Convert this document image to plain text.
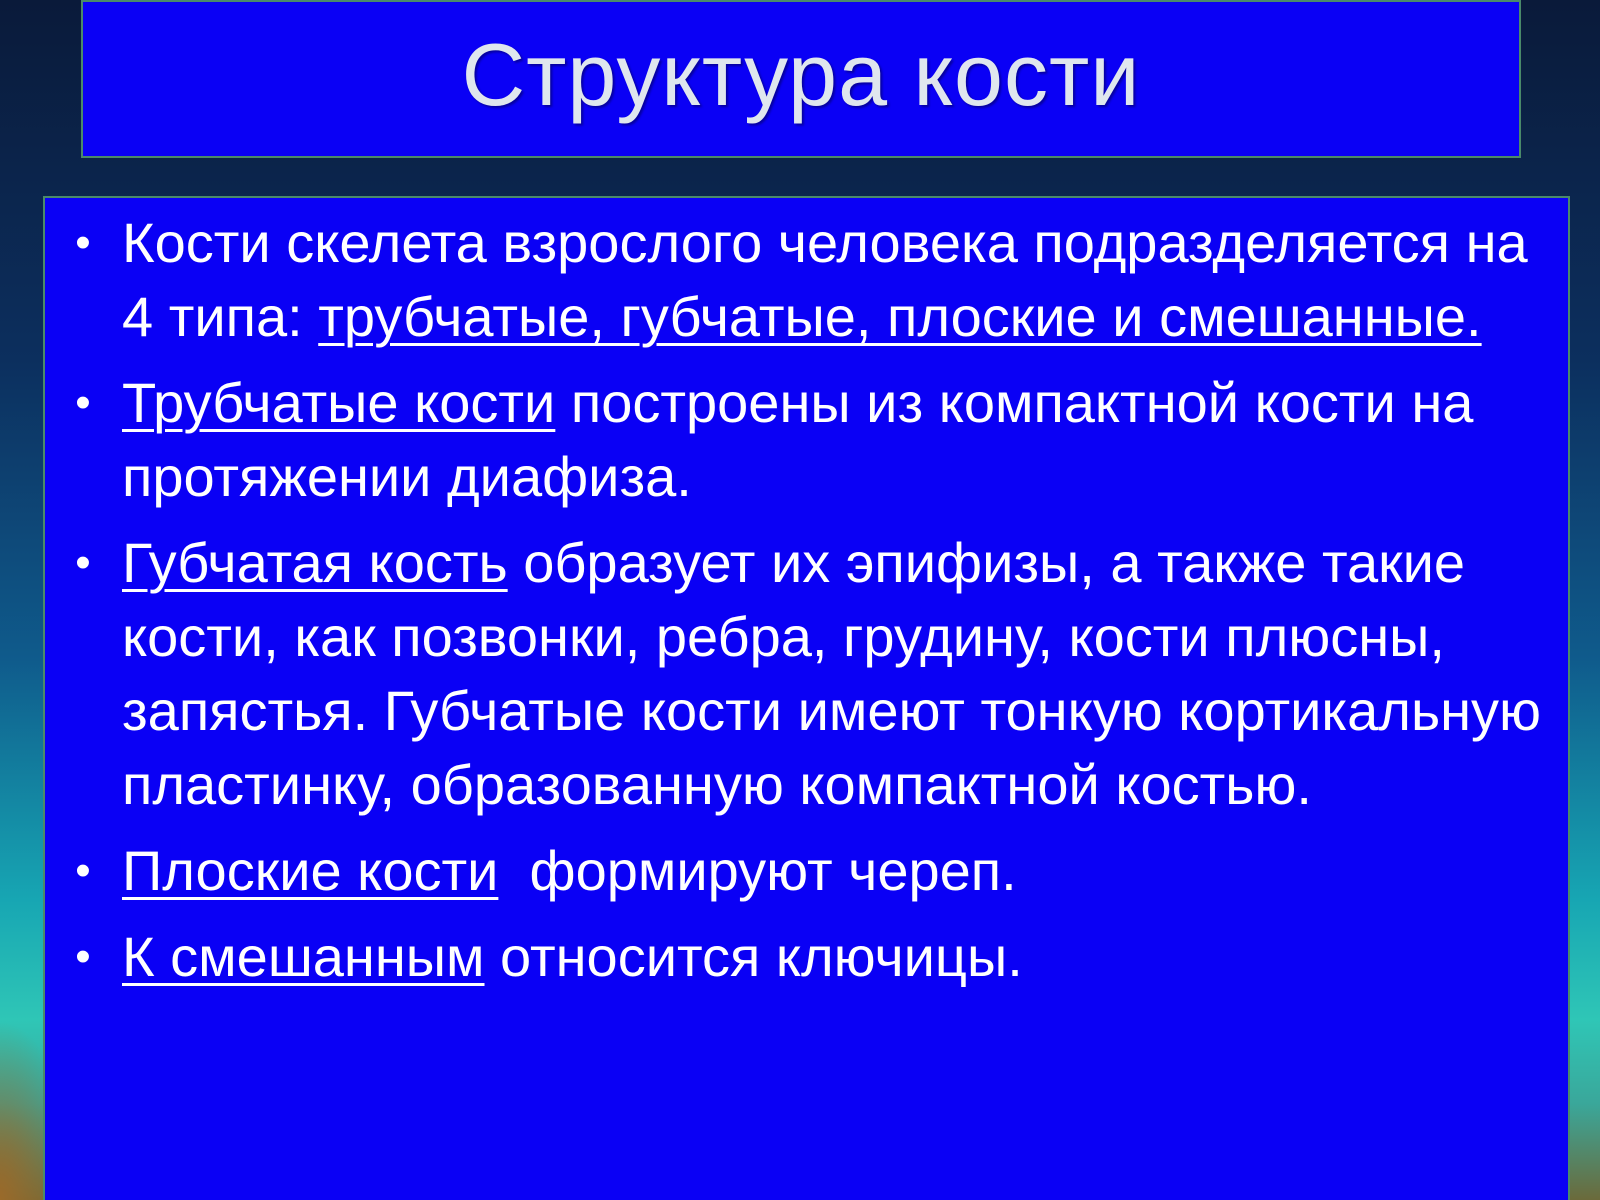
Структура кости
• Кости скелета взрослого человека подразделяется на 4 типа: трубчатые, губчатые, плоские и смешанные.
• Трубчатые кости построены из компактной кости на протяжении диафиза.
• Губчатая кость образует их эпифизы, а также такие кости, как позвонки, ребра, грудину, кости плюсны, запястья. Губчатые кости имеют тонкую кортикальную пластинку, образованную компактной костью.
• Плоские кости  формируют череп.
• К смешанным относится ключицы.
